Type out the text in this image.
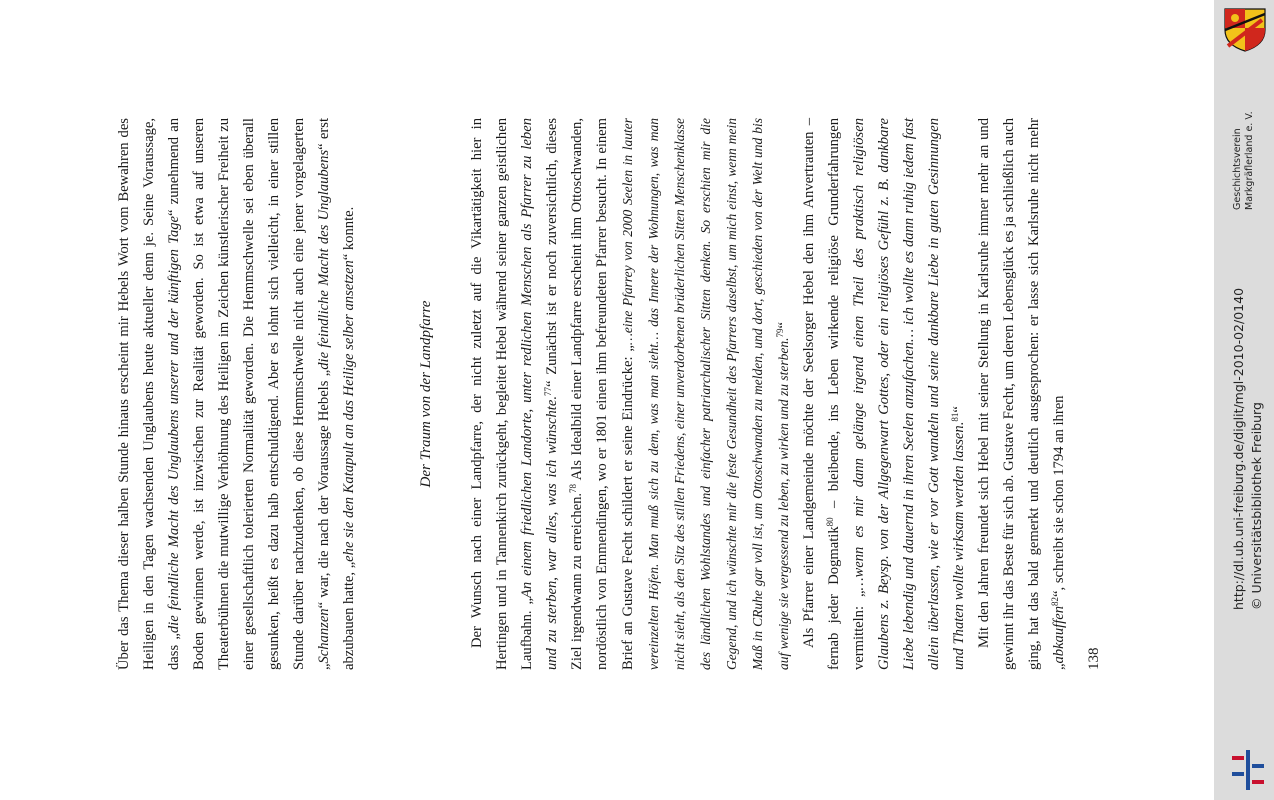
Über das Thema dieser halben Stunde hinaus erscheint mir Hebels Wort vom Bewahren des Heiligen in den Tagen wachsenden Unglaubens heute aktueller denn je. Seine Voraussage, dass „die feindliche Macht des Unglaubens unserer und der künftigen Tage“ zunehmend an Boden gewinnen werde, ist inzwischen zur Realität geworden. So ist etwa auf unseren Theaterbühnen die mutwillige Verhöhnung des Heiligen im Zeichen künstlerischer Freiheit zu einer gesellschaftlich tolerierten Normalität geworden. Die Hemmschwelle sei eben überall gesunken, heißt es dazu halb entschuldigend. Aber es lohnt sich vielleicht, in einer stillen Stunde darüber nachzudenken, ob diese Hemmschwelle nicht auch eine jener vorgelagerten „Schanzen“ war, die nach der Voraussage Hebels „die feindliche Macht des Unglaubens“ erst abzubauen hatte, „ehe sie den Katapult an das Heilige selber ansetzen“ konnte.

Der Traum von der Landpfarre	Der Wunsch nach einer Landpfarre, der nicht zuletzt auf die Vikartätigkeit hier in Hertingen und in Tannenkirch zurückgeht, begleitet Hebel während seiner ganzen geistlichen Laufbahn. „An einem friedlichen Landorte, unter redlichen Menschen als Pfarrer zu leben und zu sterben, war alles, was ich wünschte.$^{77}$“ Zunächst ist er noch zuversichtlich, dieses Ziel irgendwann zu erreichen.$^{78}$ Als Idealbild einer Landpfarre erscheint ihm Ottoschwanden, nordöstlich von Emmendingen, wo er 1801 einen ihm befreundeten Pfarrer besucht. In einem Brief an Gustave Fecht schildert er seine Eindrücke: „…eine Pfarrey von 2000 Seelen in lauter vereinzelten Höfen. Man muß sich zu dem, was man sieht… das Innere der Wohnungen, was man nicht sieht, als den Sitz des stillen Friedens, einer unverdorbenen brüderlichen Sitten Menschenklasse des ländlichen Wohlstandes und einfacher patriarchalischer Sitten denken. So erschien mir die Gegend, und ich wünschte mir die feste Gesundheit des Pfarrers daselbst, um mich einst, wenn mein Maß in CRuhe gar voll ist, um Ottoschwanden zu melden, und dort, geschieden von der Welt und bis auf wenige sie vergessend zu leben, zu wirken und zu sterben.$^{79}$“ Als Pfarrer einer Landgemeinde möchte der Seelsorger Hebel den ihm Anvertrauten – fernab jeder Dogmatik$^{80}$ – bleibende, ins Leben wirkende religiöse Grunderfahrungen vermitteln: „…wenn es mir dann gelänge irgend einen Theil des praktisch religiösen Glaubens z. Beysp. von der Allgegenwart Gottes, oder ein religiöses Gefühl z. B. dankbare Liebe lebendig und dauernd in ihren Seelen anzufachen… ich wollte es dann ruhig iedem fast allein überlassen, wie er vor Gott wandeln und seine dankbare Liebe in guten Gesinnungen und Thaten wollte wirksam werden lassen.$^{81}$“ Mit den Jahren freundet sich Hebel mit seiner Stellung in Karlsruhe immer mehr an und gewinnt ihr das Beste für sich ab. Gustave Fecht, um deren Lebensglück es ja schließlich auch ging, hat das bald gemerkt und deutlich ausgesprochen: er lasse sich Karlsruhe nicht mehr „abkauffen$^{82}$“, schreibt sie schon 1794 an ihren

138
http://dl.ub.uni-freiburg.de/diglit/mgl-2010-02/0140 © Universitätsbibliothek Freiburg
Geschichtsverein Markgräflerland e. V.
